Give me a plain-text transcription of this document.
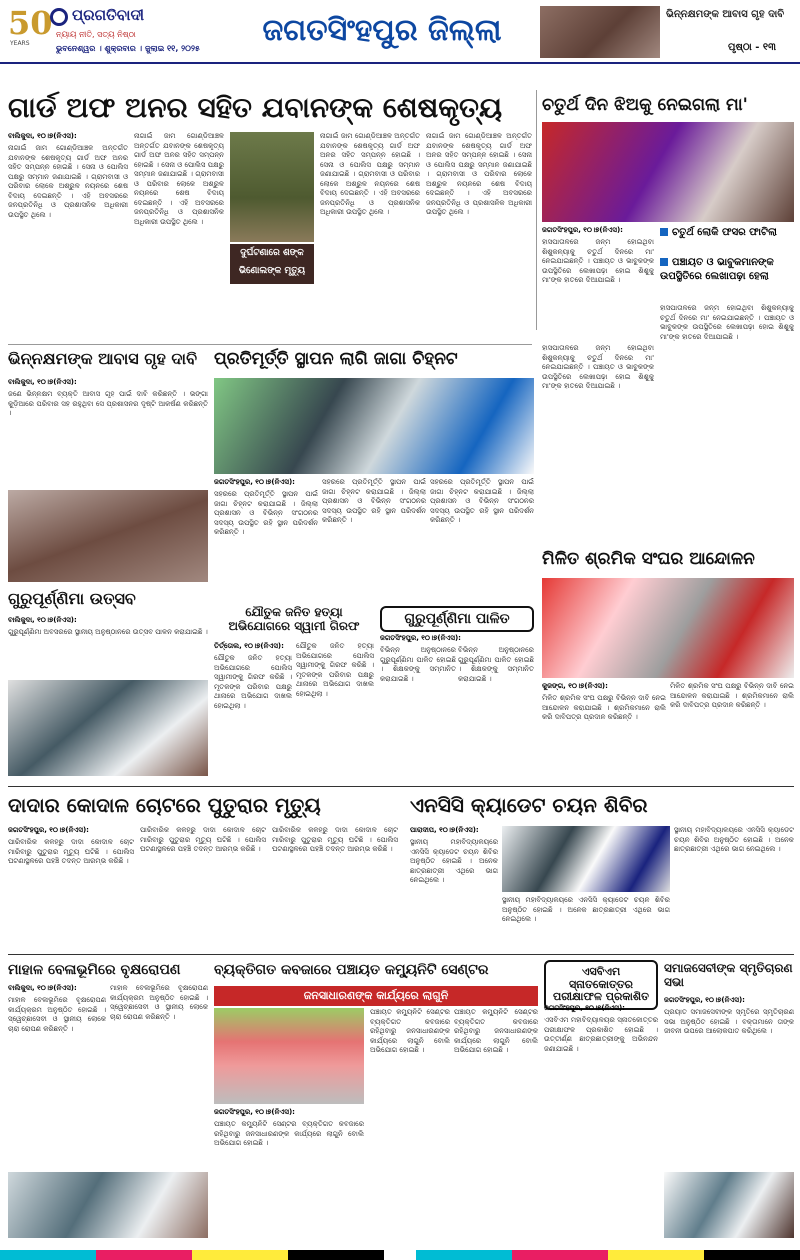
50
YEARS
ପ୍ରଗତିବାଦୀ
ନ୍ୟାୟ ନୀତି, ସତ୍ୟ ନିଷ୍ଠା
ଭୁବନେଶ୍ୱର । ଶୁକ୍ରବାର । ଜୁଲାଇ ୧୧, ୨୦୨୫
ଜଗତସିଂହପୁର ଜିଲ୍ଲା	ଭିନ୍ନକ୍ଷମଙ୍କ ଆବାସ ଗୃହ ଦାବି
ପୃଷ୍ଠା - ୧୩
ଗାର୍ଡ ଅଫ ଅନର ସହିତ ଯବାନଙ୍କ ଶେଷକୃତ୍ୟ
ବାଲିକୁଦା, ୧୦।୭(ନିଏସ):
ନାଗାଇଁ ଜାମ ଗୋଣ୍ଡିଆଞ୍ଚଳ ଅନ୍ତର୍ଗତ ଯବାନଙ୍କ ଶେଷକୃତ୍ୟ ଗାର୍ଡ ଅଫ ଅନର ସହିତ ସମ୍ପନ୍ନ ହୋଇଛି । ସେନା ଓ ପୋଲିସ ପକ୍ଷରୁ ସମ୍ମାନ ଜଣାଯାଇଛି । ଗ୍ରାମବାସୀ ଓ ପରିବାର ଲୋକେ ଅଶ୍ରୁଳ ନୟନରେ ଶେଷ ବିଦାୟ ଦେଇଛନ୍ତି । ଏହି ଅବସରରେ ଜନପ୍ରତିନିଧି ଓ ପ୍ରଶାସନିକ ଅଧିକାରୀ ଉପସ୍ଥିତ ଥିଲେ ।
ନାଗାଇଁ ଜାମ ଗୋଣ୍ଡିଆଞ୍ଚଳ ଅନ୍ତର୍ଗତ ଯବାନଙ୍କ ଶେଷକୃତ୍ୟ ଗାର୍ଡ ଅଫ ଅନର ସହିତ ସମ୍ପନ୍ନ ହୋଇଛି । ସେନା ଓ ପୋଲିସ ପକ୍ଷରୁ ସମ୍ମାନ ଜଣାଯାଇଛି । ଗ୍ରାମବାସୀ ଓ ପରିବାର ଲୋକେ ଅଶ୍ରୁଳ ନୟନରେ ଶେଷ ବିଦାୟ ଦେଇଛନ୍ତି । ଏହି ଅବସରରେ ଜନପ୍ରତିନିଧି ଓ ପ୍ରଶାସନିକ ଅଧିକାରୀ ଉପସ୍ଥିତ ଥିଲେ ।
ଦୁର୍ଘଟଣାରେ ଶଙ୍କ ଭିଣୋଲଙ୍କ ମୃତ୍ୟୁ
ନାଗାଇଁ ଜାମ ଗୋଣ୍ଡିଆଞ୍ଚଳ ଅନ୍ତର୍ଗତ ଯବାନଙ୍କ ଶେଷକୃତ୍ୟ ଗାର୍ଡ ଅଫ ଅନର ସହିତ ସମ୍ପନ୍ନ ହୋଇଛି । ସେନା ଓ ପୋଲିସ ପକ୍ଷରୁ ସମ୍ମାନ ଜଣାଯାଇଛି । ଗ୍ରାମବାସୀ ଓ ପରିବାର ଲୋକେ ଅଶ୍ରୁଳ ନୟନରେ ଶେଷ ବିଦାୟ ଦେଇଛନ୍ତି । ଏହି ଅବସରରେ ଜନପ୍ରତିନିଧି ଓ ପ୍ରଶାସନିକ ଅଧିକାରୀ ଉପସ୍ଥିତ ଥିଲେ ।
ନାଗାଇଁ ଜାମ ଗୋଣ୍ଡିଆଞ୍ଚଳ ଅନ୍ତର୍ଗତ ଯବାନଙ୍କ ଶେଷକୃତ୍ୟ ଗାର୍ଡ ଅଫ ଅନର ସହିତ ସମ୍ପନ୍ନ ହୋଇଛି । ସେନା ଓ ପୋଲିସ ପକ୍ଷରୁ ସମ୍ମାନ ଜଣାଯାଇଛି । ଗ୍ରାମବାସୀ ଓ ପରିବାର ଲୋକେ ଅଶ୍ରୁଳ ନୟନରେ ଶେଷ ବିଦାୟ ଦେଇଛନ୍ତି । ଏହି ଅବସରରେ ଜନପ୍ରତିନିଧି ଓ ପ୍ରଶାସନିକ ଅଧିକାରୀ ଉପସ୍ଥିତ ଥିଲେ ।
ଚତୁର୍ଥ ଦିନ ଝିଅକୁ ନେଇଗଲା ମା'
ଚତୁର୍ଥ ଲୋକି ଫସର ଫାଟିଲା
ପଞ୍ଚାୟତ ଓ ଭାବୁକମାନଙ୍କ ଉପସ୍ଥିତିରେ ଲେଖାପଢ଼ା ହେଲା
ଜଗତସିଂହପୁର, ୧୦।୭(ନିଏସ):
ହାସପାତାଳରେ ଜନ୍ମ ହୋଇଥିବା ଶିଶୁକନ୍ୟାକୁ ଚତୁର୍ଥ ଦିନରେ ମା' ନେଇଯାଇଛନ୍ତି । ପଞ୍ଚାୟତ ଓ ଭାବୁକଙ୍କ ଉପସ୍ଥିତିରେ ଲେଖାପଢ଼ା ହୋଇ ଶିଶୁକୁ ମା'ଙ୍କ ହାତରେ ଦିଆଯାଇଛି ।
ହାସପାତାଳରେ ଜନ୍ମ ହୋଇଥିବା ଶିଶୁକନ୍ୟାକୁ ଚତୁର୍ଥ ଦିନରେ ମା' ନେଇଯାଇଛନ୍ତି । ପଞ୍ଚାୟତ ଓ ଭାବୁକଙ୍କ ଉପସ୍ଥିତିରେ ଲେଖାପଢ଼ା ହୋଇ ଶିଶୁକୁ ମା'ଙ୍କ ହାତରେ ଦିଆଯାଇଛି ।
ହାସପାତାଳରେ ଜନ୍ମ ହୋଇଥିବା ଶିଶୁକନ୍ୟାକୁ ଚତୁର୍ଥ ଦିନରେ ମା' ନେଇଯାଇଛନ୍ତି । ପଞ୍ଚାୟତ ଓ ଭାବୁକଙ୍କ ଉପସ୍ଥିତିରେ ଲେଖାପଢ଼ା ହୋଇ ଶିଶୁକୁ ମା'ଙ୍କ ହାତରେ ଦିଆଯାଇଛି ।
ଭିନ୍ନକ୍ଷମଙ୍କ ଆବାସ ଗୃହ ଦାବି
ବାଲିକୁଦା, ୧୦।୭(ନିଏସ):
ଜଣେ ଭିନ୍ନକ୍ଷମ ବ୍ୟକ୍ତି ଆବାସ ଗୃହ ପାଇଁ ଦାବି କରିଛନ୍ତି । ଭଙ୍ଗା କୁଡ଼ିଆରେ ପରିବାର ସହ ରହୁଥିବା ସେ ପ୍ରଶାସନର ଦୃଷ୍ଟି ଆକର୍ଷଣ କରିଛନ୍ତି ।
ପ୍ରତିମୂର୍ତ୍ତି ସ୍ଥାପନ ଲାଗି ଜାଗା ଚିହ୍ନଟ
ଜଗତସିଂହପୁର, ୧୦।୭(ନିଏସ):
ସହରରେ ପ୍ରତିମୂର୍ତ୍ତି ସ୍ଥାପନ ପାଇଁ ଜାଗା ଚିହ୍ନଟ କରାଯାଇଛି । ଜିଲ୍ଲା ପ୍ରଶାସନ ଓ ବିଭିନ୍ନ ସଂଗଠନର ସଦସ୍ୟ ଉପସ୍ଥିତ ରହି ସ୍ଥାନ ପରିଦର୍ଶନ କରିଛନ୍ତି ।
ସହରରେ ପ୍ରତିମୂର୍ତ୍ତି ସ୍ଥାପନ ପାଇଁ ଜାଗା ଚିହ୍ନଟ କରାଯାଇଛି । ଜିଲ୍ଲା ପ୍ରଶାସନ ଓ ବିଭିନ୍ନ ସଂଗଠନର ସଦସ୍ୟ ଉପସ୍ଥିତ ରହି ସ୍ଥାନ ପରିଦର୍ଶନ କରିଛନ୍ତି ।
ସହରରେ ପ୍ରତିମୂର୍ତ୍ତି ସ୍ଥାପନ ପାଇଁ ଜାଗା ଚିହ୍ନଟ କରାଯାଇଛି । ଜିଲ୍ଲା ପ୍ରଶାସନ ଓ ବିଭିନ୍ନ ସଂଗଠନର ସଦସ୍ୟ ଉପସ୍ଥିତ ରହି ସ୍ଥାନ ପରିଦର୍ଶନ କରିଛନ୍ତି ।
ଗୁରୁପୂର୍ଣ୍ଣିମା ଉତ୍ସବ
ବାଲିକୁଦା, ୧୦।୭(ନିଏସ):
ଗୁରୁପୂର୍ଣ୍ଣିମା ଅବସରରେ ସ୍ଥାନୀୟ ଅନୁଷ୍ଠାନରେ ଉତ୍ସବ ପାଳନ କରାଯାଇଛି ।
ଯୌତୁକ ଜନିତ ହତ୍ୟା ଅଭିଯୋଗରେ ସ୍ୱାମୀ ଗିରଫ
ତିର୍ତ୍ତୋଲ, ୧୦।୭(ନିଏସ):
ଯୌତୁକ ଜନିତ ହତ୍ୟା ଅଭିଯୋଗରେ ପୋଲିସ ସ୍ୱାମୀଙ୍କୁ ଗିରଫ କରିଛି । ମୃତକଙ୍କ ପରିବାର ପକ୍ଷରୁ ଥାନାରେ ଅଭିଯୋଗ ଦାଖଲ ହୋଇଥିଲା ।
ଯୌତୁକ ଜନିତ ହତ୍ୟା ଅଭିଯୋଗରେ ପୋଲିସ ସ୍ୱାମୀଙ୍କୁ ଗିରଫ କରିଛି । ମୃତକଙ୍କ ପରିବାର ପକ୍ଷରୁ ଥାନାରେ ଅଭିଯୋଗ ଦାଖଲ ହୋଇଥିଲା ।
ଗୁରୁପୂର୍ଣ୍ଣିମା ପାଳିତ
ଜଗତସିଂହପୁର, ୧୦।୭(ନିଏସ):
ବିଭିନ୍ନ ଅନୁଷ୍ଠାନରେ ଗୁରୁପୂର୍ଣ୍ଣିମା ପାଳିତ ହୋଇଛି । ଶିକ୍ଷକଙ୍କୁ ସମ୍ମାନିତ କରାଯାଇଛି ।
ବିଭିନ୍ନ ଅନୁଷ୍ଠାନରେ ଗୁରୁପୂର୍ଣ୍ଣିମା ପାଳିତ ହୋଇଛି । ଶିକ୍ଷକଙ୍କୁ ସମ୍ମାନିତ କରାଯାଇଛି ।
ମିଳିତ ଶ୍ରମିକ ସଂଘର ଆନ୍ଦୋଳନ
କୁଜଙ୍ଗ, ୧୦।୭(ନିଏସ):
ମିଳିତ ଶ୍ରମିକ ସଂଘ ପକ୍ଷରୁ ବିଭିନ୍ନ ଦାବି ନେଇ ଆନ୍ଦୋଳନ କରାଯାଇଛି । ଶ୍ରମିକମାନେ ରାଲି କରି ଦାବିପତ୍ର ପ୍ରଦାନ କରିଛନ୍ତି ।
ମିଳିତ ଶ୍ରମିକ ସଂଘ ପକ୍ଷରୁ ବିଭିନ୍ନ ଦାବି ନେଇ ଆନ୍ଦୋଳନ କରାଯାଇଛି । ଶ୍ରମିକମାନେ ରାଲି କରି ଦାବିପତ୍ର ପ୍ରଦାନ କରିଛନ୍ତି ।
ଦାଦାର କୋଦାଳ ଚୋଟରେ ପୁତୁରାର ମୃତ୍ୟୁ
ଜଗତସିଂହପୁର, ୧୦।୭(ନିଏସ):
ପାରିବାରିକ କଳହରୁ ଦାଦା କୋଦାଳ ଚୋଟ ମାରିବାରୁ ପୁତୁରାର ମୃତ୍ୟୁ ଘଟିଛି । ପୋଲିସ ଘଟଣାସ୍ଥଳରେ ପହଞ୍ଚି ତଦନ୍ତ ଆରମ୍ଭ କରିଛି ।
ପାରିବାରିକ କଳହରୁ ଦାଦା କୋଦାଳ ଚୋଟ ମାରିବାରୁ ପୁତୁରାର ମୃତ୍ୟୁ ଘଟିଛି । ପୋଲିସ ଘଟଣାସ୍ଥଳରେ ପହଞ୍ଚି ତଦନ୍ତ ଆରମ୍ଭ କରିଛି ।
ପାରିବାରିକ କଳହରୁ ଦାଦା କୋଦାଳ ଚୋଟ ମାରିବାରୁ ପୁତୁରାର ମୃତ୍ୟୁ ଘଟିଛି । ପୋଲିସ ଘଟଣାସ୍ଥଳରେ ପହଞ୍ଚି ତଦନ୍ତ ଆରମ୍ଭ କରିଛି ।
ଏନସିସି କ୍ୟାଡେଟ ଚୟନ ଶିବିର
ପାରାଦୀପ, ୧୦।୭(ନିଏସ):
ସ୍ଥାନୀୟ ମହାବିଦ୍ୟାଳୟରେ ଏନସିସି କ୍ୟାଡେଟ ଚୟନ ଶିବିର ଅନୁଷ୍ଠିତ ହୋଇଛି । ଅନେକ ଛାତ୍ରଛାତ୍ରୀ ଏଥିରେ ଭାଗ ନେଇଥିଲେ ।
ସ୍ଥାନୀୟ ମହାବିଦ୍ୟାଳୟରେ ଏନସିସି କ୍ୟାଡେଟ ଚୟନ ଶିବିର ଅନୁଷ୍ଠିତ ହୋଇଛି । ଅନେକ ଛାତ୍ରଛାତ୍ରୀ ଏଥିରେ ଭାଗ ନେଇଥିଲେ ।
ସ୍ଥାନୀୟ ମହାବିଦ୍ୟାଳୟରେ ଏନସିସି କ୍ୟାଡେଟ ଚୟନ ଶିବିର ଅନୁଷ୍ଠିତ ହୋଇଛି । ଅନେକ ଛାତ୍ରଛାତ୍ରୀ ଏଥିରେ ଭାଗ ନେଇଥିଲେ ।
ମାହାଳ ବେଳାଭୂମିରେ ବୃକ୍ଷରୋପଣ
ବାଲିକୁଦା, ୧୦।୭(ନିଏସ):
ମାହାଳ ବେଳାଭୂମିରେ ବୃକ୍ଷରୋପଣ କାର୍ଯ୍ୟକ୍ରମ ଅନୁଷ୍ଠିତ ହୋଇଛି । ସ୍ୱେଚ୍ଛାସେବୀ ଓ ସ୍ଥାନୀୟ ଲୋକେ ଚାରା ରୋପଣ କରିଛନ୍ତି ।
ମାହାଳ ବେଳାଭୂମିରେ ବୃକ୍ଷରୋପଣ କାର୍ଯ୍ୟକ୍ରମ ଅନୁଷ୍ଠିତ ହୋଇଛି । ସ୍ୱେଚ୍ଛାସେବୀ ଓ ସ୍ଥାନୀୟ ଲୋକେ ଚାରା ରୋପଣ କରିଛନ୍ତି ।
ବ୍ୟକ୍ତିଗତ କବଜାରେ ପଞ୍ଚାୟତ କମ୍ୟୁନିଟି ସେଣ୍ଟର
ଜନସାଧାରଣଙ୍କ କାର୍ଯ୍ୟରେ ଲାଗୁନି
ଜଗତସିଂହପୁର, ୧୦।୭(ନିଏସ):
ପଞ୍ଚାୟତ କମ୍ୟୁନିଟି ସେଣ୍ଟର ବ୍ୟକ୍ତିଗତ କବଜାରେ ରହିଥିବାରୁ ଜନସାଧାରଣଙ୍କ କାର୍ଯ୍ୟରେ ଲାଗୁନି ବୋଲି ଅଭିଯୋଗ ହୋଇଛି ।
ପଞ୍ଚାୟତ କମ୍ୟୁନିଟି ସେଣ୍ଟର ବ୍ୟକ୍ତିଗତ କବଜାରେ ରହିଥିବାରୁ ଜନସାଧାରଣଙ୍କ କାର୍ଯ୍ୟରେ ଲାଗୁନି ବୋଲି ଅଭିଯୋଗ ହୋଇଛି ।
ପଞ୍ଚାୟତ କମ୍ୟୁନିଟି ସେଣ୍ଟର ବ୍ୟକ୍ତିଗତ କବଜାରେ ରହିଥିବାରୁ ଜନସାଧାରଣଙ୍କ କାର୍ଯ୍ୟରେ ଲାଗୁନି ବୋଲି ଅଭିଯୋଗ ହୋଇଛି ।
ଏସବିଏମ ସ୍ନାତକୋତ୍ତର ପରୀକ୍ଷାଫଳ ପ୍ରକାଶିତ
ଜଗତସିଂହପୁର, ୧୦।୭(ନିଏସ):
ଏସବିଏମ ମହାବିଦ୍ୟାଳୟର ସ୍ନାତକୋତ୍ତର ପରୀକ୍ଷାଫଳ ପ୍ରକାଶିତ ହୋଇଛି । ଉତ୍ତୀର୍ଣ୍ଣ ଛାତ୍ରଛାତ୍ରୀଙ୍କୁ ଅଭିନନ୍ଦନ ଜଣାଯାଇଛି ।
ସମାଜସେବୀଙ୍କ ସ୍ମୃତିଚାରଣ ସଭା
ଜଗତସିଂହପୁର, ୧୦।୭(ନିଏସ):
ପ୍ରୟାତ ସମାଜସେବୀଙ୍କ ସ୍ମୃତିରେ ସ୍ମୃତିଚାରଣ ସଭା ଅନୁଷ୍ଠିତ ହୋଇଛି । ବକ୍ତାମାନେ ତାଙ୍କ ଜୀବନୀ ଉପରେ ଆଲୋକପାତ କରିଥିଲେ ।
